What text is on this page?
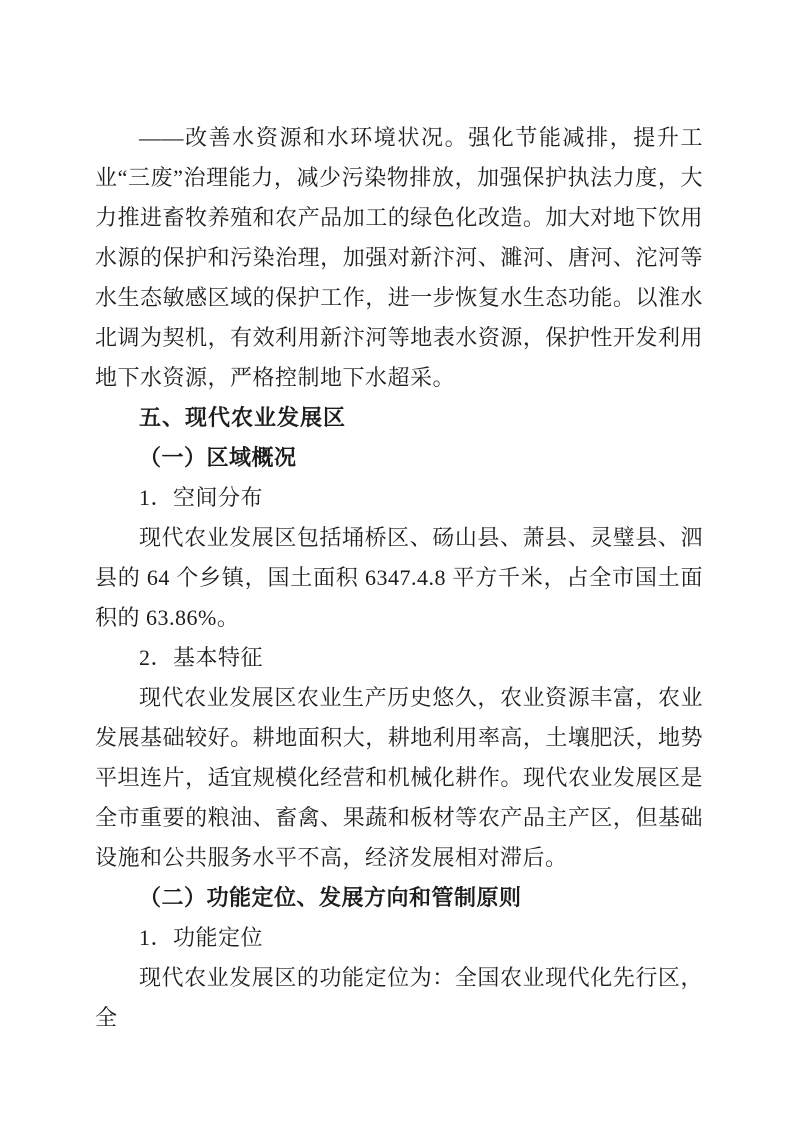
——改善水资源和水环境状况。强化节能减排，提升工业“三废”治理能力，减少污染物排放，加强保护执法力度，大力推进畜牧养殖和农产品加工的绿色化改造。加大对地下饮用水源的保护和污染治理，加强对新汴河、濉河、唐河、沱河等水生态敏感区域的保护工作，进一步恢复水生态功能。以淮水北调为契机，有效利用新汴河等地表水资源，保护性开发利用地下水资源，严格控制地下水超采。

五、现代农业发展区

（一）区域概况

1．空间分布

现代农业发展区包括埇桥区、砀山县、萧县、灵璧县、泗县的 64 个乡镇，国土面积 6347.4.8 平方千米，占全市国土面积的 63.86%。

2．基本特征

现代农业发展区农业生产历史悠久，农业资源丰富，农业发展基础较好。耕地面积大，耕地利用率高，土壤肥沃，地势平坦连片，适宜规模化经营和机械化耕作。现代农业发展区是全市重要的粮油、畜禽、果蔬和板材等农产品主产区，但基础设施和公共服务水平不高，经济发展相对滞后。

（二）功能定位、发展方向和管制原则

1．功能定位

现代农业发展区的功能定位为：全国农业现代化先行区，全
